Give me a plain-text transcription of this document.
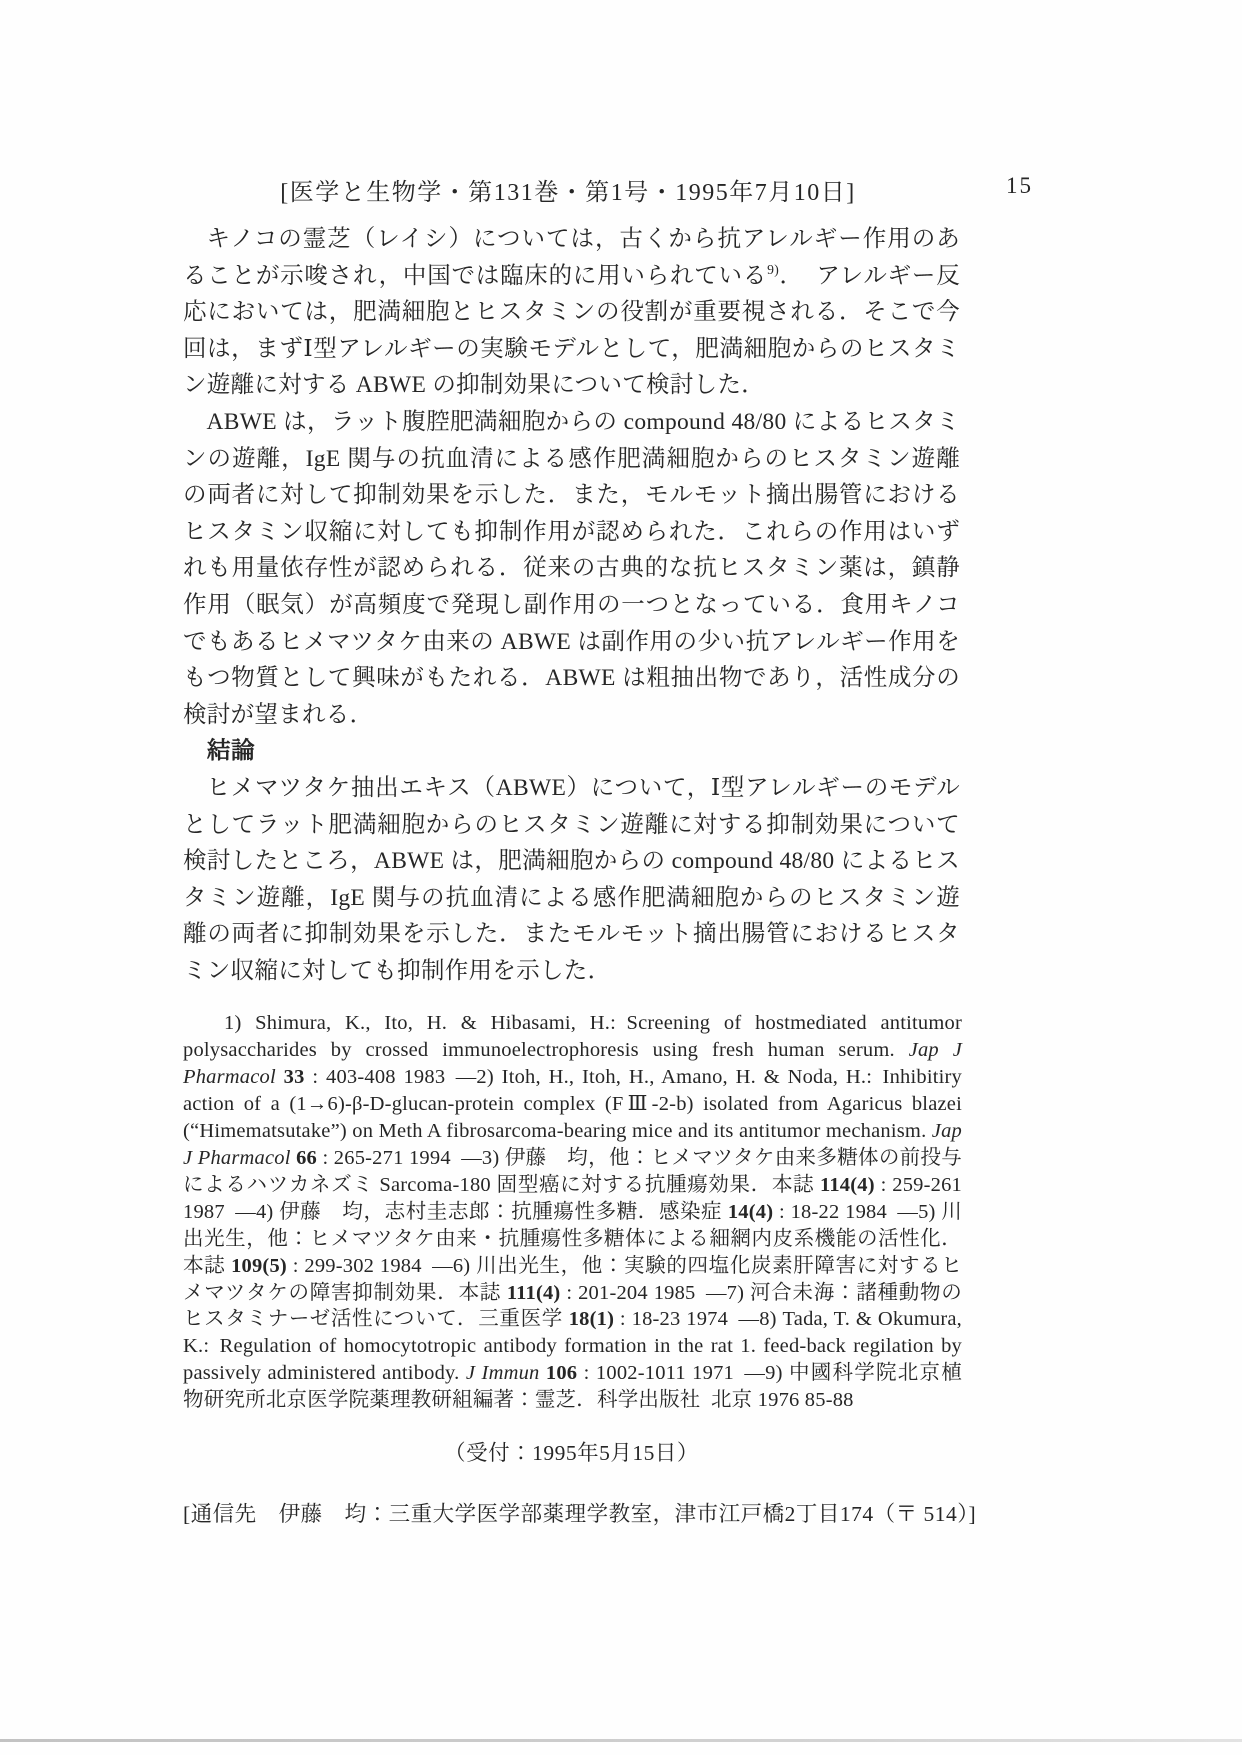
[医学と生物学・第131巻・第1号・1995年7月10日]	15

キノコの霊芝（レイシ）については，古くから抗アレルギー作用のあることが示唆され，中国では臨床的に用いられている$^{9)}$． アレルギー反応においては，肥満細胞とヒスタミンの役割が重要視される．そこで今回は，まずⅠ型アレルギーの実験モデルとして，肥満細胞からのヒスタミン遊離に対する ABWE の抑制効果について検討した．

ABWE は，ラット腹腔肥満細胞からの compound 48/80 によるヒスタミンの遊離，IgE 関与の抗血清による感作肥満細胞からのヒスタミン遊離の両者に対して抑制効果を示した．また，モルモット摘出腸管におけるヒスタミン収縮に対しても抑制作用が認められた．これらの作用はいずれも用量依存性が認められる．従来の古典的な抗ヒスタミン薬は，鎮静作用（眠気）が高頻度で発現し副作用の一つとなっている．食用キノコでもあるヒメマツタケ由来の ABWE は副作用の少い抗アレルギー作用をもつ物質として興味がもたれる．ABWE は粗抽出物であり，活性成分の検討が望まれる．

結論

ヒメマツタケ抽出エキス（ABWE）について，Ⅰ型アレルギーのモデルとしてラット肥満細胞からのヒスタミン遊離に対する抑制効果について検討したところ，ABWE は，肥満細胞からの compound 48/80 によるヒスタミン遊離，IgE 関与の抗血清による感作肥満細胞からのヒスタミン遊離の両者に抑制効果を示した．またモルモット摘出腸管におけるヒスタミン収縮に対しても抑制作用を示した．

1) Shimura, K., Ito, H. & Hibasami, H.: Screening of hostmediated antitumor polysaccharides by crossed immunoelectrophoresis using fresh human serum. Jap J Pharmacol 33 : 403-408 1983 —2) Itoh, H., Itoh, H., Amano, H. & Noda, H.: Inhibitiry action of a (1→6)-β-D-glucan-protein complex (FⅢ-2-b) isolated from Agaricus blazei (“Himematsutake”) on Meth A fibrosarcoma-bearing mice and its antitumor mechanism. Jap J Pharmacol 66 : 265-271 1994 —3) 伊藤　均，他：ヒメマツタケ由来多糖体の前投与によるハツカネズミ Sarcoma-180 固型癌に対する抗腫瘍効果．本誌 114(4) : 259-261 1987 —4) 伊藤　均，志村圭志郎：抗腫瘍性多糖．感染症 14(4) : 18-22 1984 —5) 川出光生，他：ヒメマツタケ由来・抗腫瘍性多糖体による細網内皮系機能の活性化．本誌 109(5) : 299-302 1984 —6) 川出光生，他：実験的四塩化炭素肝障害に対するヒメマツタケの障害抑制効果．本誌 111(4) : 201-204 1985 —7) 河合未海：諸種動物のヒスタミナーゼ活性について．三重医学 18(1) : 18-23 1974 —8) Tada, T. & Okumura, K.: Regulation of homocytotropic antibody formation in the rat 1. feed-back regilation by passively administered antibody. J Immun 106 : 1002-1011 1971 —9) 中國科学院北京植物研究所北京医学院薬理教研組編著：霊芝．科学出版社 北京 1976 85-88
（受付：1995年5月15日）
[通信先　伊藤　均：三重大学医学部薬理学教室，津市江戸橋2丁目174（〒 514）]
